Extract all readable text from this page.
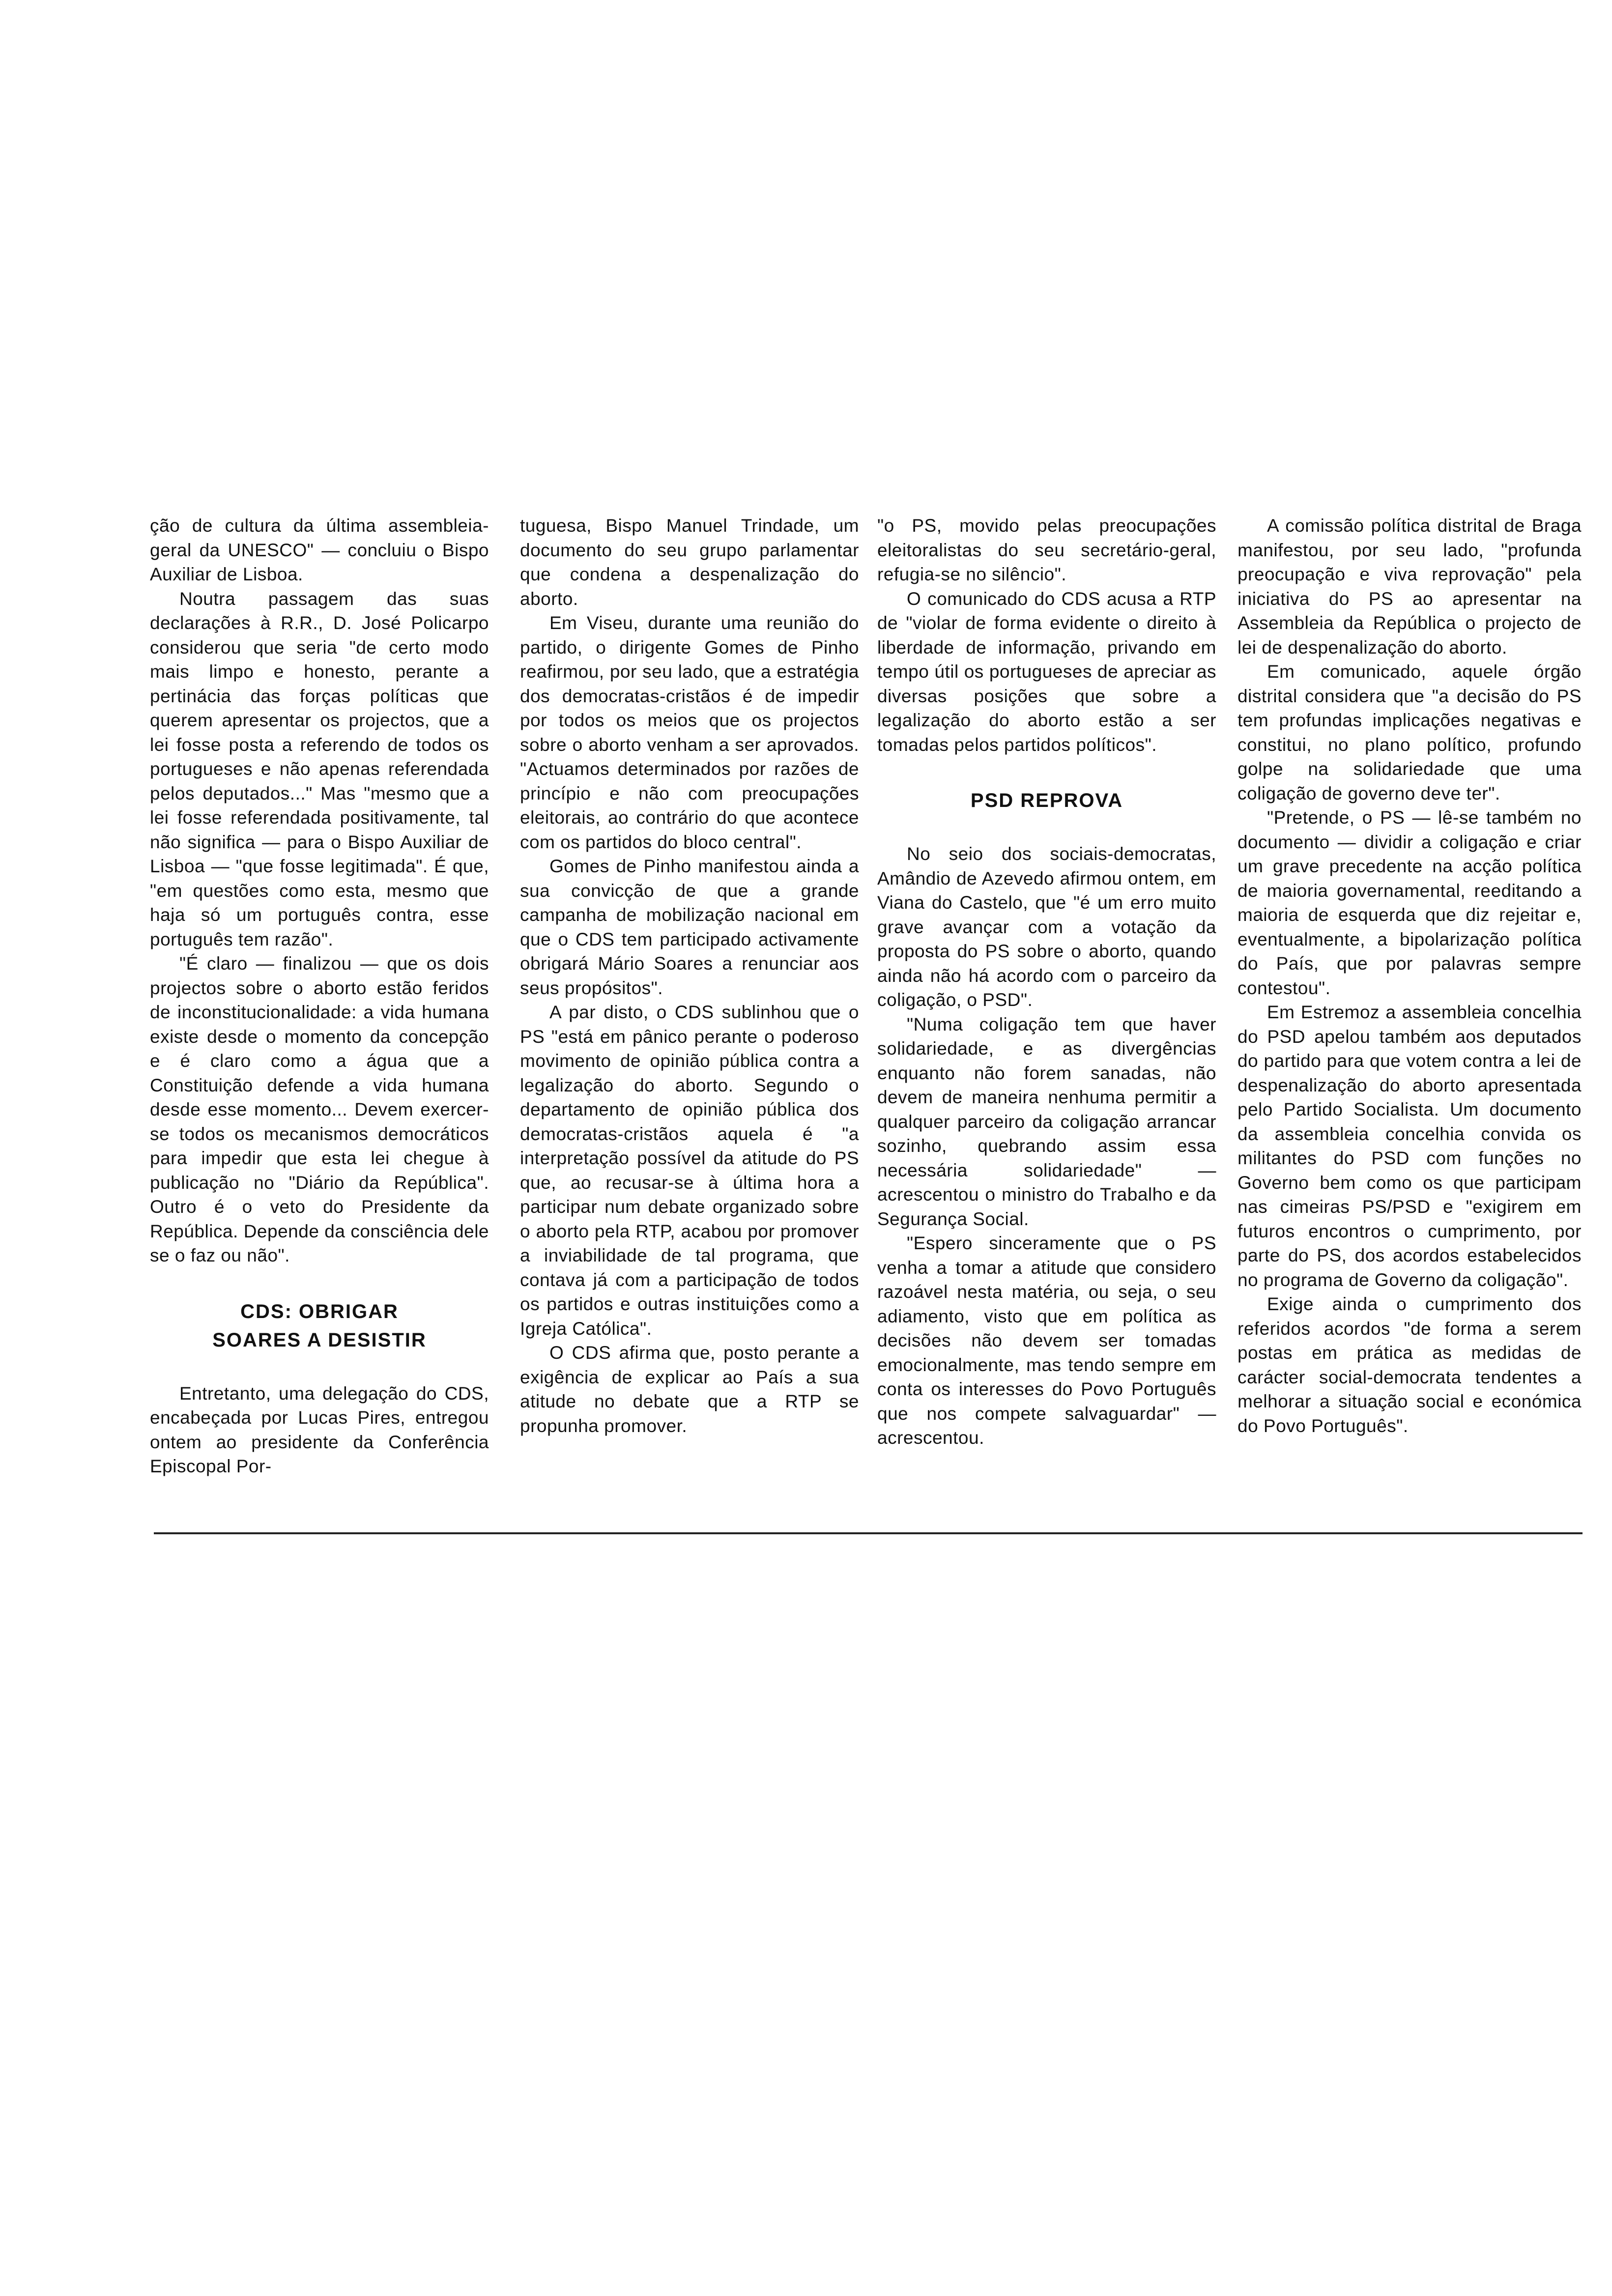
ção de cultura da última assembleia-geral da UNESCO" — concluiu o Bispo Auxiliar de Lisboa.

Noutra passagem das suas declarações à R.R., D. José Policarpo considerou que seria "de certo modo mais limpo e honesto, perante a pertinácia das forças políticas que querem apresentar os projectos, que a lei fosse posta a referendo de todos os portugueses e não apenas referendada pelos deputados..." Mas "mesmo que a lei fosse referendada positivamente, tal não significa — para o Bispo Auxiliar de Lisboa — "que fosse legitimada". É que, "em questões como esta, mesmo que haja só um português contra, esse português tem razão".

"É claro — finalizou — que os dois projectos sobre o aborto estão feridos de inconstitucionalidade: a vida humana existe desde o momento da concepção e é claro como a água que a Constituição defende a vida humana desde esse momento... Devem exercer-se todos os mecanismos democráticos para impedir que esta lei chegue à publicação no "Diário da República". Outro é o veto do Presidente da República. Depende da consciência dele se o faz ou não".

CDS: OBRIGAR
SOARES A DESISTIR

Entretanto, uma delegação do CDS, encabeçada por Lucas Pires, entregou ontem ao presidente da Conferência Episcopal Por-

tuguesa, Bispo Manuel Trindade, um documento do seu grupo parlamentar que condena a despenalização do aborto.

Em Viseu, durante uma reunião do partido, o dirigente Gomes de Pinho reafirmou, por seu lado, que a estratégia dos democratas-cristãos é de impedir por todos os meios que os projectos sobre o aborto venham a ser aprovados. "Actuamos determinados por razões de princípio e não com preocupações eleitorais, ao contrário do que acontece com os partidos do bloco central".

Gomes de Pinho manifestou ainda a sua convicção de que a grande campanha de mobilização nacional em que o CDS tem participado activamente obrigará Mário Soares a renunciar aos seus propósitos".

A par disto, o CDS sublinhou que o PS "está em pânico perante o poderoso movimento de opinião pública contra a legalização do aborto. Segundo o departamento de opinião pública dos democratas-cristãos aquela é "a interpretação possível da atitude do PS que, ao recusar-se à última hora a participar num debate organizado sobre o aborto pela RTP, acabou por promover a inviabilidade de tal programa, que contava já com a participação de todos os partidos e outras instituições como a Igreja Católica".

O CDS afirma que, posto perante a exigência de explicar ao País a sua atitude no debate que a RTP se propunha promover.

"o PS, movido pelas preocupações eleitoralistas do seu secretário-geral, refugia-se no silêncio".

O comunicado do CDS acusa a RTP de "violar de forma evidente o direito à liberdade de informação, privando em tempo útil os portugueses de apreciar as diversas posições que sobre a legalização do aborto estão a ser tomadas pelos partidos políticos".

PSD REPROVA

No seio dos sociais-democratas, Amândio de Azevedo afirmou ontem, em Viana do Castelo, que "é um erro muito grave avançar com a votação da proposta do PS sobre o aborto, quando ainda não há acordo com o parceiro da coligação, o PSD".

"Numa coligação tem que haver solidariedade, e as divergências enquanto não forem sanadas, não devem de maneira nenhuma permitir a qualquer parceiro da coligação arrancar sozinho, quebrando assim essa necessária solidariedade" — acrescentou o ministro do Trabalho e da Segurança Social.

"Espero sinceramente que o PS venha a tomar a atitude que considero razoável nesta matéria, ou seja, o seu adiamento, visto que em política as decisões não devem ser tomadas emocionalmente, mas tendo sempre em conta os interesses do Povo Português que nos compete salvaguardar" — acrescentou.

A comissão política distrital de Braga manifestou, por seu lado, "profunda preocupação e viva reprovação" pela iniciativa do PS ao apresentar na Assembleia da República o projecto de lei de despenalização do aborto.

Em comunicado, aquele órgão distrital considera que "a decisão do PS tem profundas implicações negativas e constitui, no plano político, profundo golpe na solidariedade que uma coligação de governo deve ter".

"Pretende, o PS — lê-se também no documento — dividir a coligação e criar um grave precedente na acção política de maioria governamental, reeditando a maioria de esquerda que diz rejeitar e, eventualmente, a bipolarização política do País, que por palavras sempre contestou".

Em Estremoz a assembleia concelhia do PSD apelou também aos deputados do partido para que votem contra a lei de despenalização do aborto apresentada pelo Partido Socialista. Um documento da assembleia concelhia convida os militantes do PSD com funções no Governo bem como os que participam nas cimeiras PS/PSD e "exigirem em futuros encontros o cumprimento, por parte do PS, dos acordos estabelecidos no programa de Governo da coligação".

Exige ainda o cumprimento dos referidos acordos "de forma a serem postas em prática as medidas de carácter social-democrata tendentes a melhorar a situação social e económica do Povo Português".
